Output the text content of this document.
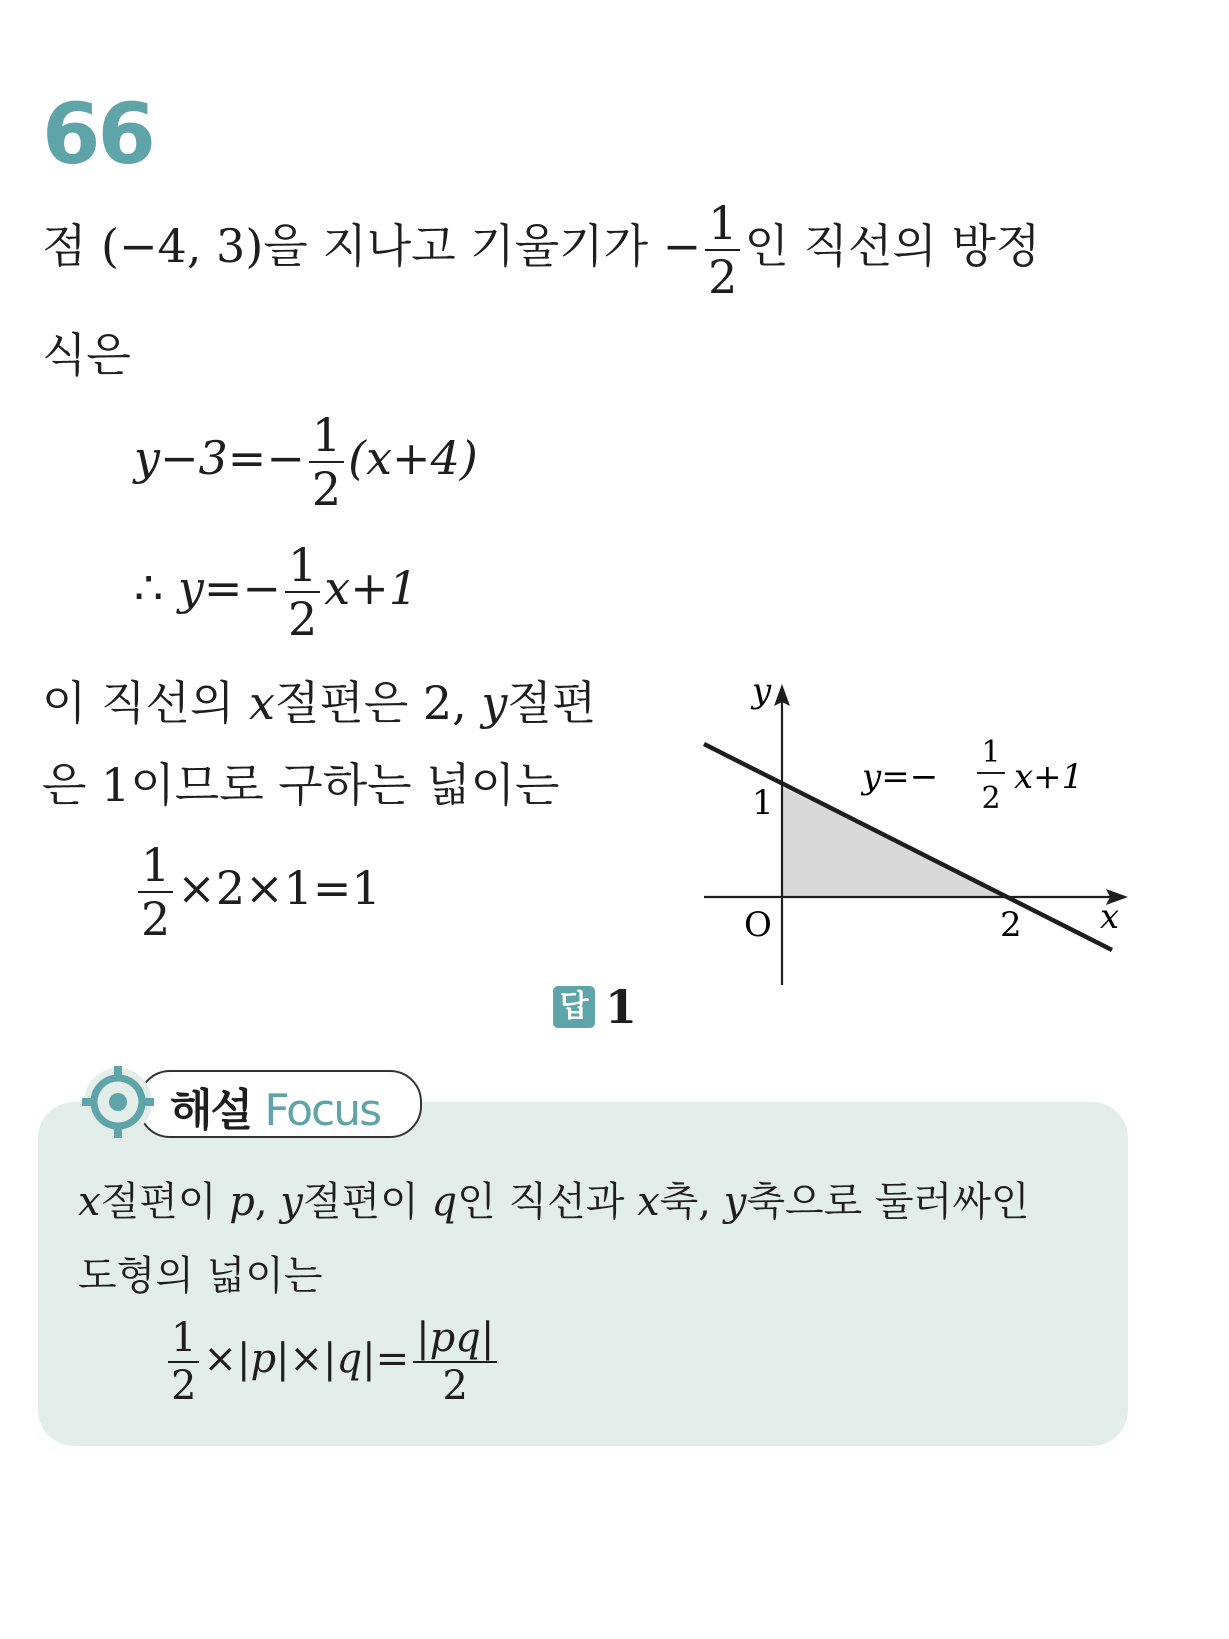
66
점 (−4, 3)을 지나고 기울기가 − $\frac{1}{2}$ 인 직선의 방정
식은
$y-3=- \frac{1}{2} (x+4)$
∴ $y=- \frac{1}{2} x+1$
이 직선의 x절편은 2, y절편
은 1이므로 구하는 넓이는
$\frac{1}{2} \times 2\times 1=1$
답 1
y
x
O
1
2
y=−
1
2
x+1
해설 Focus
x절편이 p, y절편이 q인 직선과 x축, y축으로 둘러싸인
도형의 넓이는
$\frac{1}{2} \times|p|\times|q|= \frac{|pq|}{2}$
